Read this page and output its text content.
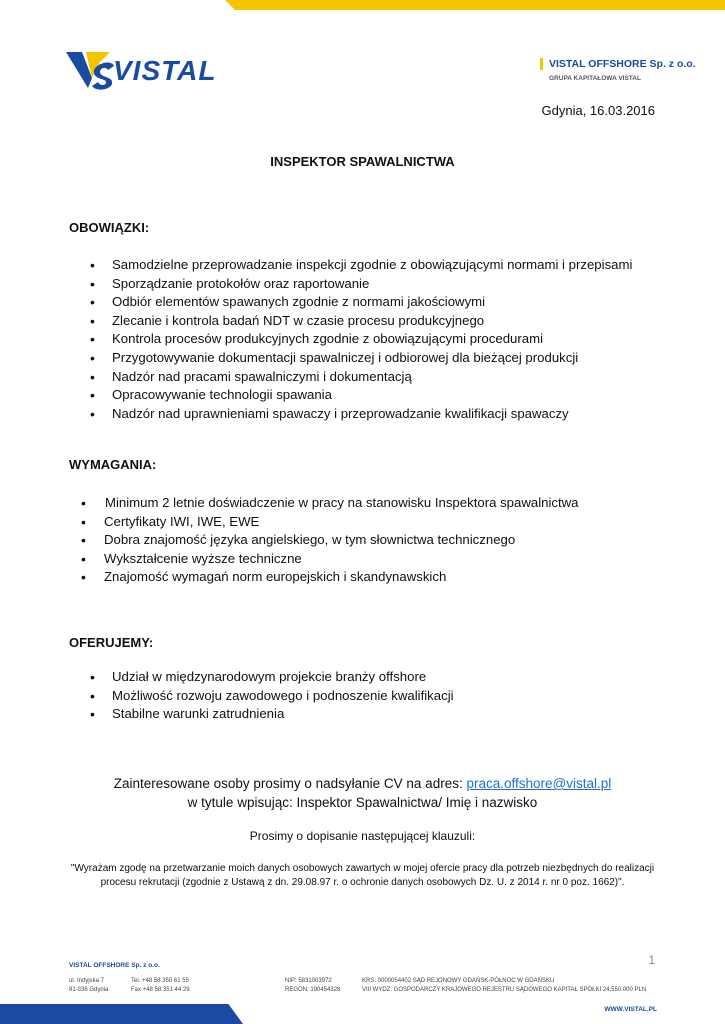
VISTAL	VISTAL OFFSHORE Sp. z o.o.
GRUPA KAPITAŁOWA VISTAL
Gdynia, 16.03.2016
INSPEKTOR SPAWALNICTWA
OBOWIĄZKI:
• Samodzielne przeprowadzanie inspekcji zgodnie z obowiązującymi normami i przepisami
• Sporządzanie protokołów oraz raportowanie
• Odbiór elementów spawanych zgodnie z normami jakościowymi
• Zlecanie i kontrola badań NDT w czasie procesu produkcyjnego
• Kontrola procesów produkcyjnych zgodnie z obowiązującymi procedurami
• Przygotowywanie dokumentacji spawalniczej i odbiorowej dla bieżącej produkcji
• Nadzór nad pracami spawalniczymi i dokumentacją
• Opracowywanie technologii spawania
• Nadzór nad uprawnieniami spawaczy i przeprowadzanie kwalifikacji spawaczy
WYMAGANIA:
• Minimum 2 letnie doświadczenie w pracy na stanowisku Inspektora spawalnictwa
• Certyfikaty IWI, IWE, EWE
• Dobra znajomość języka angielskiego, w tym słownictwa technicznego
• Wykształcenie wyższe techniczne
• Znajomość wymagań norm europejskich i skandynawskich
OFERUJEMY:
• Udział w międzynarodowym projekcie branży offshore
• Możliwość rozwoju zawodowego i podnoszenie kwalifikacji
• Stabilne warunki zatrudnienia
Zainteresowane osoby prosimy o nadsyłanie CV na adres: praca.offshore@vistal.pl
w tytule wpisując: Inspektor Spawalnictwa/ Imię i nazwisko
Prosimy o dopisanie następującej klauzuli:
"Wyrażam zgodę na przetwarzanie moich danych osobowych zawartych w mojej ofercie pracy dla potrzeb niezbędnych do realizacji
procesu rekrutacji (zgodnie z Ustawą z dn. 29.08.97 r. o ochronie danych osobowych Dz. U. z 2014 r. nr 0 poz. 1662)".
1
VISTAL OFFSHORE Sp. z o.o.
ul. Indyjska 7
81-336 Gdynia
Tel. +48 58 350 61 55
Fax +48 58 351 44 29
NIP: 5831003972
REGON: 190454328
KRS: 0000054402 SĄD REJONOWY GDAŃSK-PÓŁNOC W GDAŃSKU
VIII WYDZ. GOSPODARCZY KRAJOWEGO REJESTRU SĄDOWEGO KAPITAŁ SPÓŁKI 24.550.000 PLN
WWW.VISTAL.PL
